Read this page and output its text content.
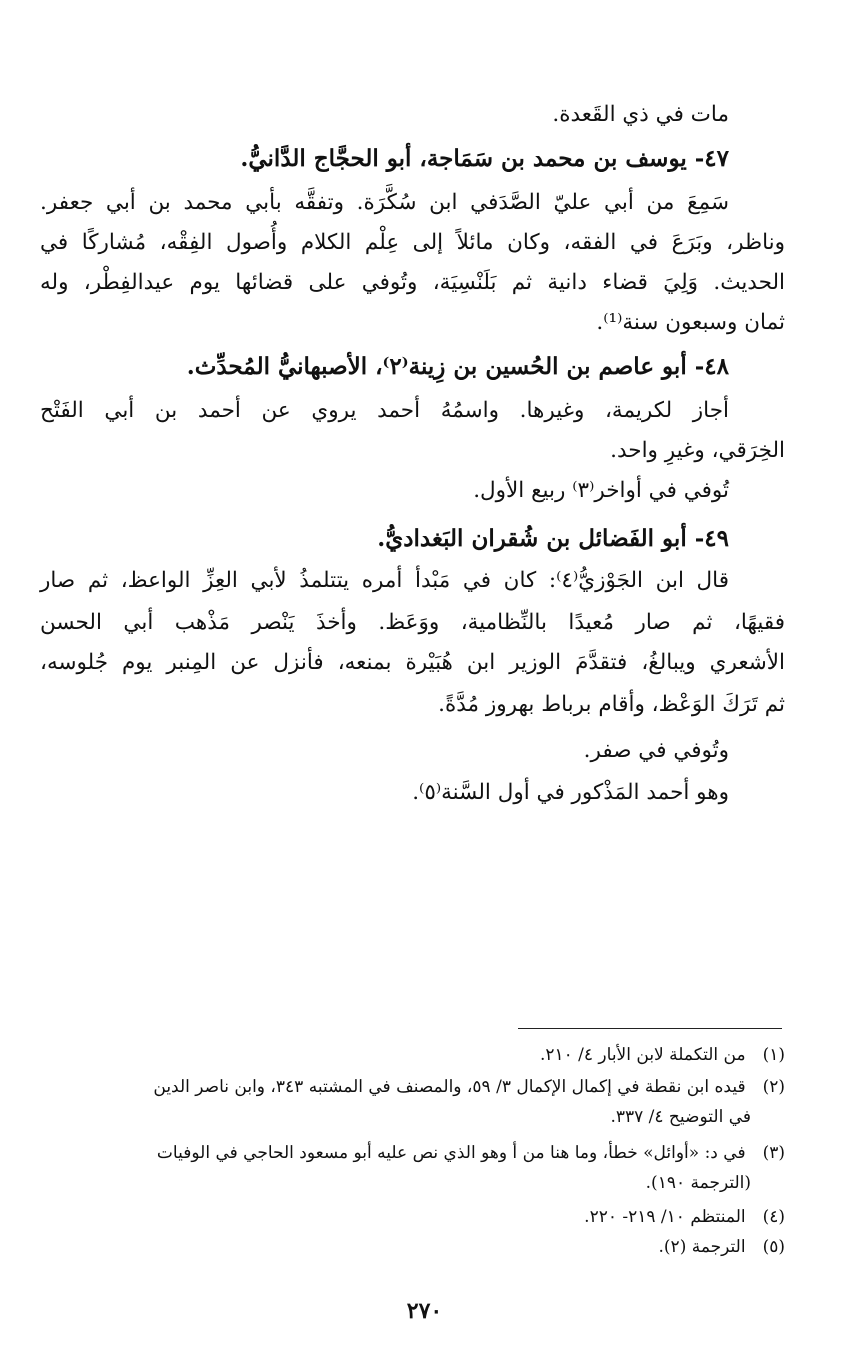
مات في ذي القَعدة.
٤٧- يوسف بن محمد بن سَمَاجة، أبو الحجَّاج الدَّانيُّ.
سَمِعَ من أبي عليّ الصَّدَفي ابن سُكَّرَة. وتفقَّه بأبي محمد بن أبي جعفر.
وناظر، وبَرَعَ في الفقه، وكان مائلاً إلى عِلْم الكلام وأُصول الفِقْه، مُشاركًا في
الحديث. وَلِيَ قضاء دانية ثم بَلَنْسِيَة، وتُوفي على قضائها يوم عيدالفِطْر، وله
ثمان وسبعون سنة⁽¹⁾.
٤٨- أبو عاصم بن الحُسين بن زِينة⁽٢⁾، الأصبهانيُّ المُحدِّث.
أجاز لكريمة، وغيرها. واسمُهُ أحمد يروي عن أحمد بن أبي الفَتْح
الخِرَقي، وغيرِ واحد.
تُوفي في أواخر⁽٣⁾ ربيع الأول.
٤٩- أبو الفَضائل بن شُقران البَغداديُّ.
قال ابن الجَوْزيُّ⁽٤⁾: كان في مَبْدأ أمره يتتلمذُ لأبي العِزِّ الواعظ، ثم صار
فقيهًا، ثم صار مُعيدًا بالنِّظامية، ووَعَظ. وأخذَ يَنْصر مَذْهب أبي الحسن
الأشعري ويبالغُ، فتقدَّمَ الوزير ابن هُبَيْرة بمنعه، فأنزل عن المِنبر يوم جُلوسه،
ثم تَرَكَ الوَعْظ، وأقام برباط بهروز مُدَّةً.
وتُوفي في صفر.
وهو أحمد المَذْكور في أول السَّنة⁽٥⁾.
(١) من التكملة لابن الأبار ٤/ ٢١٠.
(٢) قيده ابن نقطة في إكمال الإكمال ٣/ ٥٩، والمصنف في المشتبه ٣٤٣، وابن ناصر الدين
في التوضيح ٤/ ٣٣٧.
(٣) في د: «أوائل» خطأ، وما هنا من أ وهو الذي نص عليه أبو مسعود الحاجي في الوفيات
(الترجمة ١٩٠).
(٤) المنتظم ١٠/ ٢١٩- ٢٢٠.
(٥) الترجمة (٢).
٢٧٠
